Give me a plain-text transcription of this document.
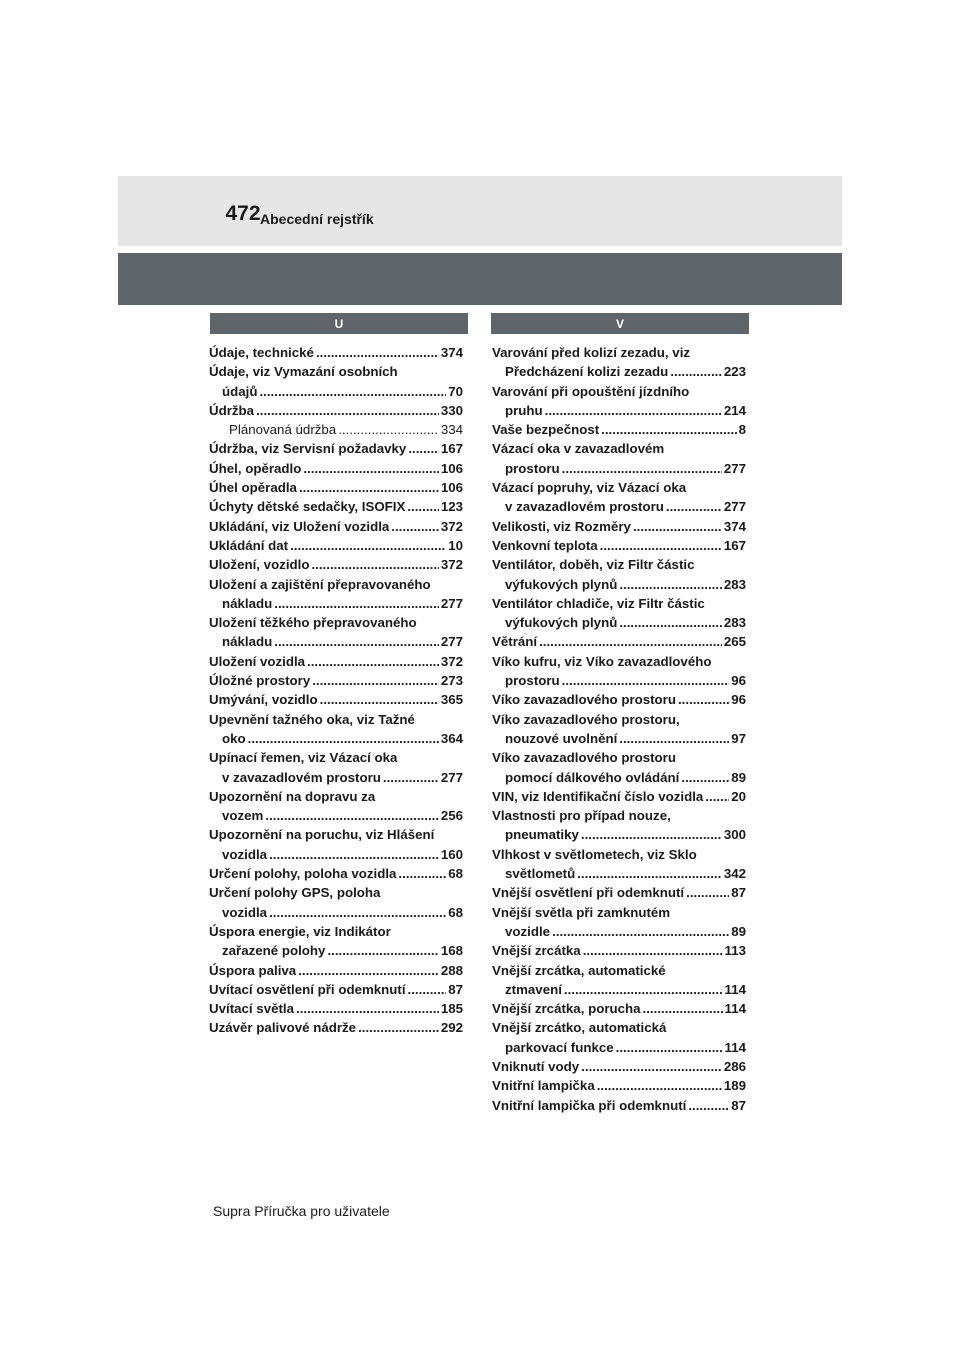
472 Abecední rejstřík
U	V
Údaje, technické .....	374
Údaje, viz Vymazání osobních
údajů .....	70
Údržba .....	330
Plánovaná údržba .....	334
Údržba, viz Servisní požadavky .....	167
Úhel, opěradlo .....	106
Úhel opěradla .....	106
Úchyty dětské sedačky, ISOFIX .....	123
Ukládání, viz Uložení vozidla .....	372
Ukládání dat .....	10
Uložení, vozidlo .....	372
Uložení a zajištění přepravovaného
nákladu .....	277
Uložení těžkého přepravovaného
nákladu .....	277
Uložení vozidla .....	372
Úložné prostory .....	273
Umývání, vozidlo .....	365
Upevnění tažného oka, viz Tažné
oko .....	364
Upínací řemen, viz Vázací oka
v zavazadlovém prostoru .....	277
Upozornění na dopravu za
vozem .....	256
Upozornění na poruchu, viz Hlášení
vozidla .....	160
Určení polohy, poloha vozidla .....	68
Určení polohy GPS, poloha
vozidla .....	68
Úspora energie, viz Indikátor
zařazené polohy .....	168
Úspora paliva .....	288
Uvítací osvětlení při odemknutí .....	87
Uvítací světla .....	185
Uzávěr palivové nádrže .....	292
Varování před kolizí zezadu, viz
Předcházení kolizi zezadu .....	223
Varování při opouštění jízdního
pruhu .....	214
Vaše bezpečnost .....	8
Vázací oka v zavazadlovém
prostoru .....	277
Vázací popruhy, viz Vázací oka
v zavazadlovém prostoru .....	277
Velikosti, viz Rozměry .....	374
Venkovní teplota .....	167
Ventilátor, doběh, viz Filtr částic
výfukových plynů .....	283
Ventilátor chladiče, viz Filtr částic
výfukových plynů .....	283
Větrání .....	265
Víko kufru, viz Víko zavazadlového
prostoru .....	96
Víko zavazadlového prostoru .....	96
Víko zavazadlového prostoru,
nouzové uvolnění .....	97
Víko zavazadlového prostoru
pomocí dálkového ovládání .....	89
VIN, viz Identifikační číslo vozidla ..... 20
Vlastnosti pro případ nouze,
pneumatiky .....	300
Vlhkost v světlometech, viz Sklo
světlometů .....	342
Vnější osvětlení při odemknutí .....	87
Vnější světla při zamknutém
vozidle .....	89
Vnější zrcátka .....	113
Vnější zrcátka, automatické
ztmavení .....	114
Vnější zrcátka, porucha .....	114
Vnější zrcátko, automatická
parkovací funkce .....	114
Vniknutí vody .....	286
Vnitřní lampička .....	189
Vnitřní lampička při odemknutí .....	87
Supra Příručka pro uživatele
